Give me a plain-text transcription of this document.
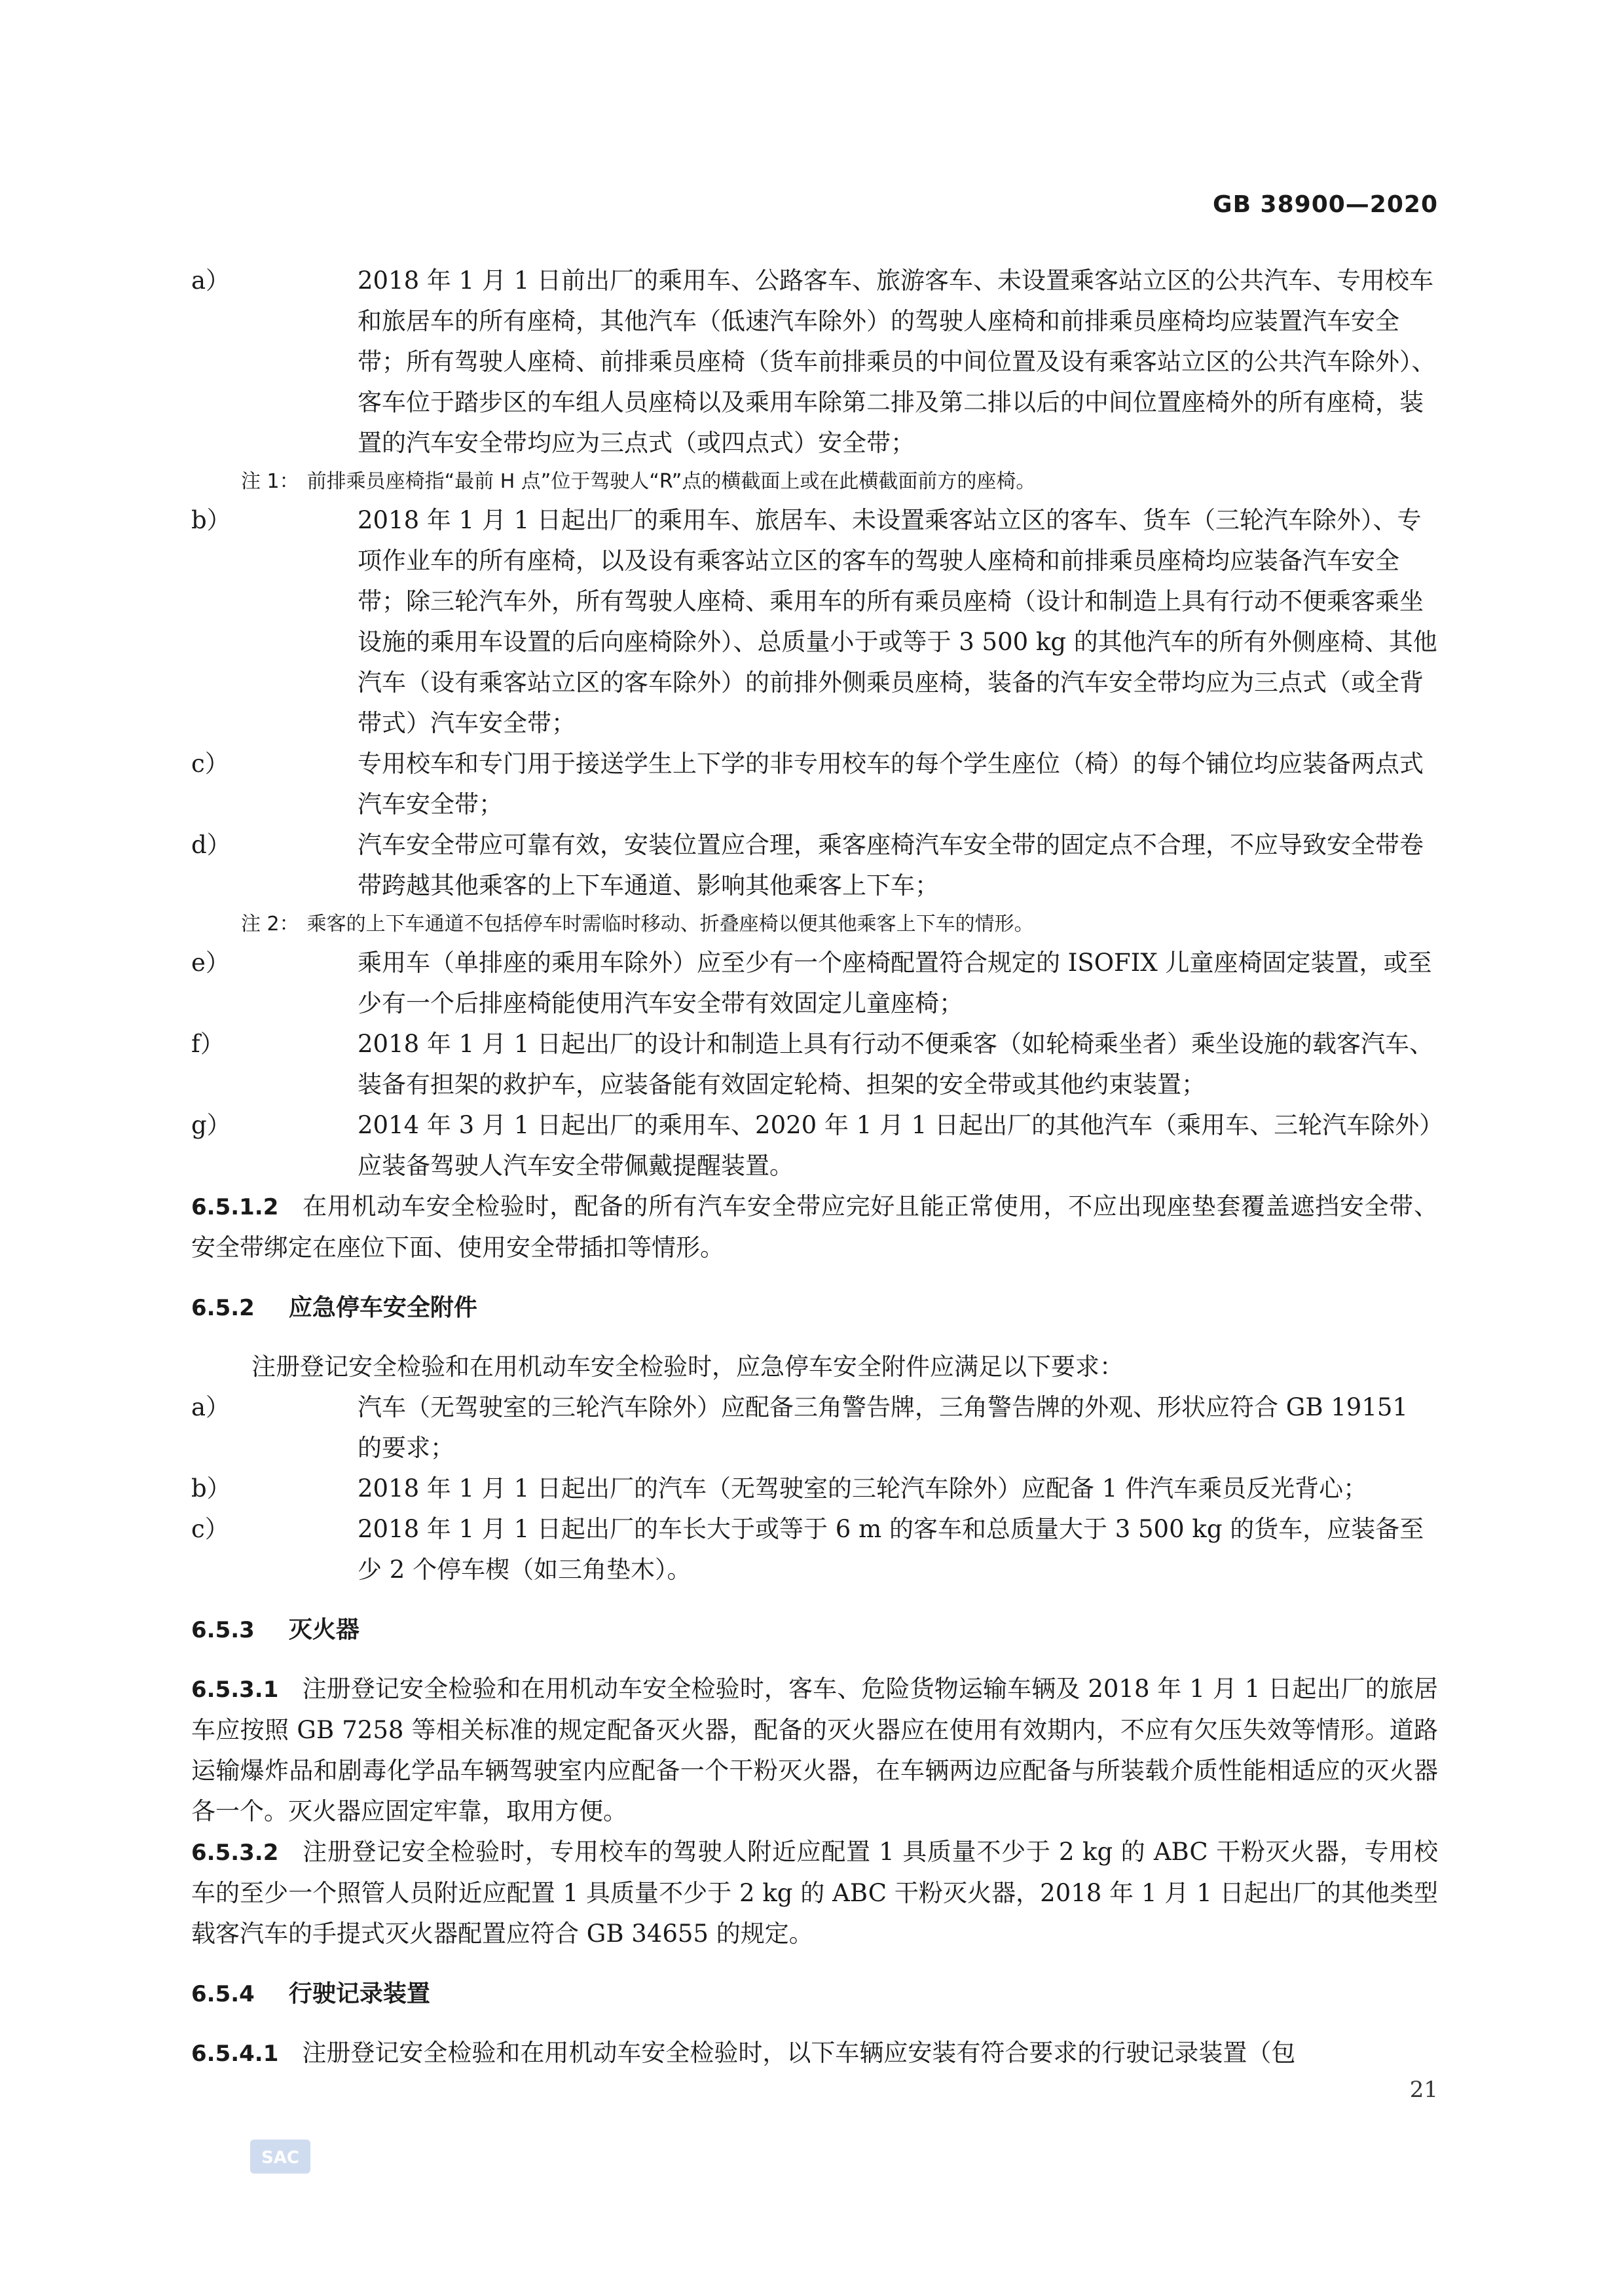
GB 38900—2020
a）	2018 年 1 月 1 日前出厂的乘用车、公路客车、旅游客车、未设置乘客站立区的公共汽车、专用校车和旅居车的所有座椅，其他汽车（低速汽车除外）的驾驶人座椅和前排乘员座椅均应装置汽车安全带；所有驾驶人座椅、前排乘员座椅（货车前排乘员的中间位置及设有乘客站立区的公共汽车除外）、客车位于踏步区的车组人员座椅以及乘用车除第二排及第二排以后的中间位置座椅外的所有座椅，装置的汽车安全带均应为三点式（或四点式）安全带；
注 1： 前排乘员座椅指“最前 H 点”位于驾驶人“R”点的横截面上或在此横截面前方的座椅。
b）	2018 年 1 月 1 日起出厂的乘用车、旅居车、未设置乘客站立区的客车、货车（三轮汽车除外）、专项作业车的所有座椅，以及设有乘客站立区的客车的驾驶人座椅和前排乘员座椅均应装备汽车安全带；除三轮汽车外，所有驾驶人座椅、乘用车的所有乘员座椅（设计和制造上具有行动不便乘客乘坐设施的乘用车设置的后向座椅除外）、总质量小于或等于 3 500 kg 的其他汽车的所有外侧座椅、其他汽车（设有乘客站立区的客车除外）的前排外侧乘员座椅，装备的汽车安全带均应为三点式（或全背带式）汽车安全带；
c）	专用校车和专门用于接送学生上下学的非专用校车的每个学生座位（椅）的每个铺位均应装备两点式汽车安全带；
d）	汽车安全带应可靠有效，安装位置应合理，乘客座椅汽车安全带的固定点不合理，不应导致安全带卷带跨越其他乘客的上下车通道、影响其他乘客上下车；
注 2： 乘客的上下车通道不包括停车时需临时移动、折叠座椅以便其他乘客上下车的情形。
e）	乘用车（单排座的乘用车除外）应至少有一个座椅配置符合规定的 ISOFIX 儿童座椅固定装置，或至少有一个后排座椅能使用汽车安全带有效固定儿童座椅；
f）	2018 年 1 月 1 日起出厂的设计和制造上具有行动不便乘客（如轮椅乘坐者）乘坐设施的载客汽车、装备有担架的救护车，应装备能有效固定轮椅、担架的安全带或其他约束装置；
g）	2014 年 3 月 1 日起出厂的乘用车、2020 年 1 月 1 日起出厂的其他汽车（乘用车、三轮汽车除外）应装备驾驶人汽车安全带佩戴提醒装置。
6.5.1.2 在用机动车安全检验时，配备的所有汽车安全带应完好且能正常使用，不应出现座垫套覆盖遮挡安全带、安全带绑定在座位下面、使用安全带插扣等情形。
6.5.2 应急停车安全附件
注册登记安全检验和在用机动车安全检验时，应急停车安全附件应满足以下要求：
a）	汽车（无驾驶室的三轮汽车除外）应配备三角警告牌，三角警告牌的外观、形状应符合 GB 19151 的要求；
b）	2018 年 1 月 1 日起出厂的汽车（无驾驶室的三轮汽车除外）应配备 1 件汽车乘员反光背心；
c）	2018 年 1 月 1 日起出厂的车长大于或等于 6 m 的客车和总质量大于 3 500 kg 的货车，应装备至少 2 个停车楔（如三角垫木）。
6.5.3 灭火器
6.5.3.1 注册登记安全检验和在用机动车安全检验时，客车、危险货物运输车辆及 2018 年 1 月 1 日起出厂的旅居车应按照 GB 7258 等相关标准的规定配备灭火器，配备的灭火器应在使用有效期内，不应有欠压失效等情形。道路运输爆炸品和剧毒化学品车辆驾驶室内应配备一个干粉灭火器，在车辆两边应配备与所装载介质性能相适应的灭火器各一个。灭火器应固定牢靠，取用方便。
6.5.3.2 注册登记安全检验时，专用校车的驾驶人附近应配置 1 具质量不少于 2 kg 的 ABC 干粉灭火器，专用校车的至少一个照管人员附近应配置 1 具质量不少于 2 kg 的 ABC 干粉灭火器，2018 年 1 月 1 日起出厂的其他类型载客汽车的手提式灭火器配置应符合 GB 34655 的规定。
6.5.4 行驶记录装置
6.5.4.1 注册登记安全检验和在用机动车安全检验时，以下车辆应安装有符合要求的行驶记录装置（包
21
SAC
